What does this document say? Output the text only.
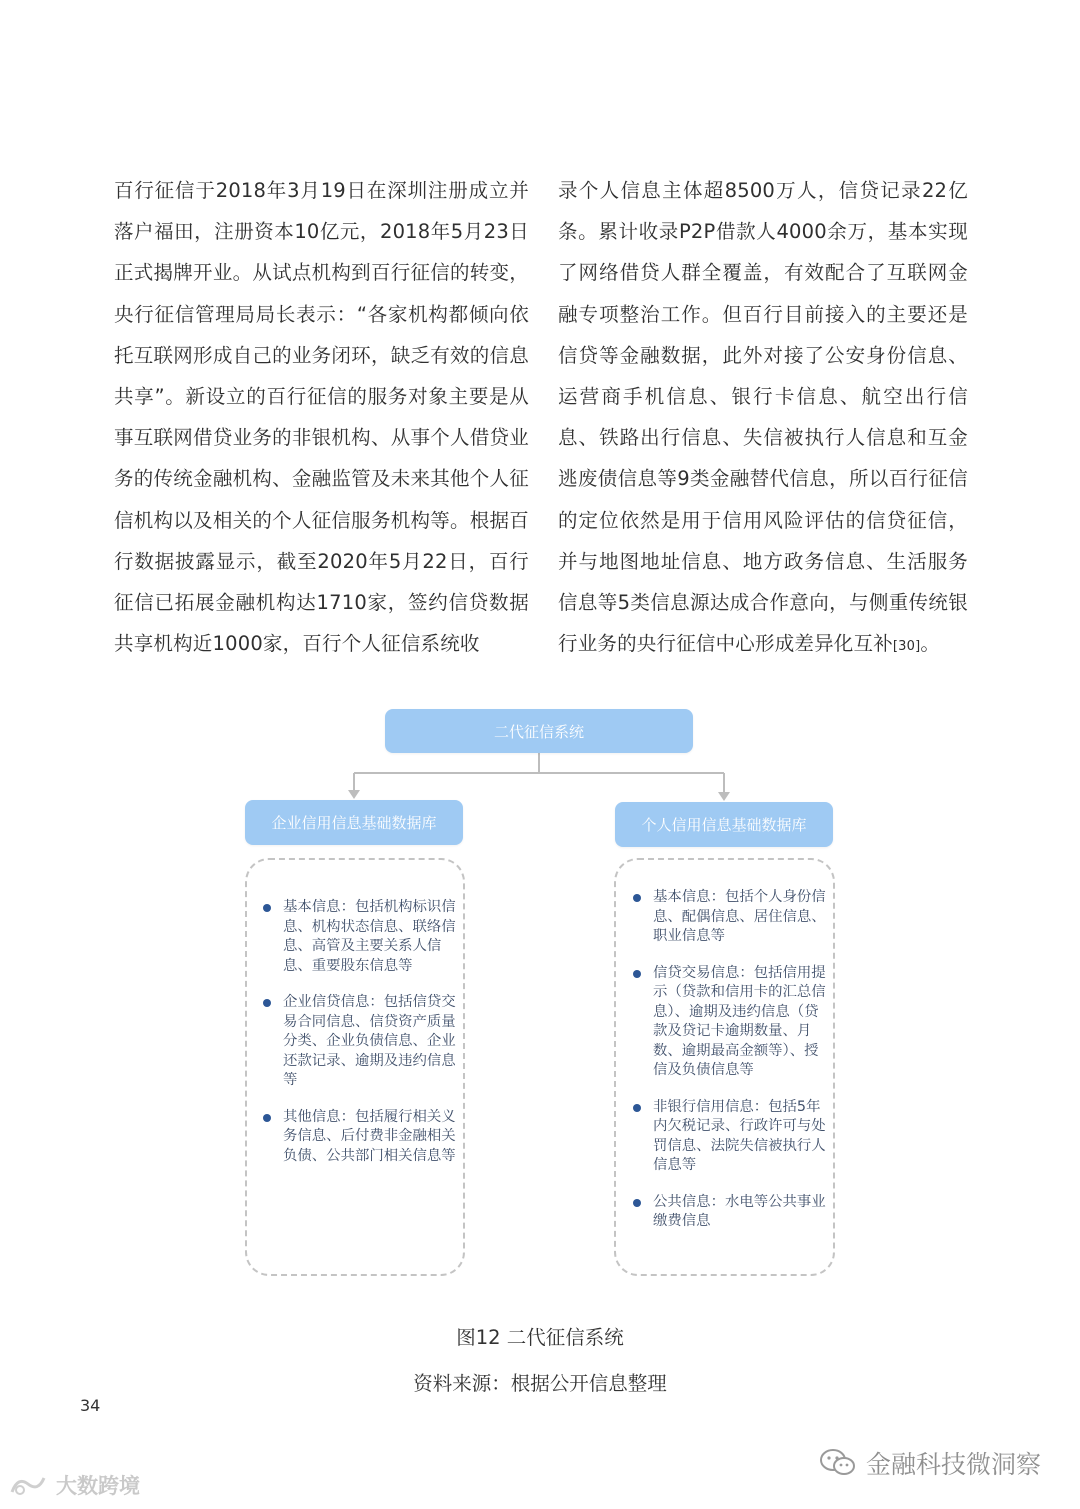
百行征信于2018年3月19日在深圳注册成立并落户福田，注册资本10亿元，2018年5月23日正式揭牌开业。从试点机构到百行征信的转变，央行征信管理局局长表示：“各家机构都倾向依托互联网形成自己的业务闭环，缺乏有效的信息共享”。新设立的百行征信的服务对象主要是从事互联网借贷业务的非银机构、从事个人借贷业务的传统金融机构、金融监管及未来其他个人征信机构以及相关的个人征信服务机构等。根据百行数据披露显示，截至2020年5月22日，百行征信已拓展金融机构达1710家，签约信贷数据共享机构近1000家，百行个人征信系统收

录个人信息主体超8500万人，信贷记录22亿条。累计收录P2P借款人4000余万，基本实现了网络借贷人群全覆盖，有效配合了互联网金融专项整治工作。但百行目前接入的主要还是信贷等金融数据，此外对接了公安身份信息、运营商手机信息、银行卡信息、航空出行信息、铁路出行信息、失信被执行人信息和互金逃废债信息等9类金融替代信息，所以百行征信的定位依然是用于信用风险评估的信贷征信，并与地图地址信息、地方政务信息、生活服务信息等5类信息源达成合作意向，与侧重传统银行业务的央行征信中心形成差异化互补[30]。

二代征信系统
企业信用信息基础数据库	个人信用信息基础数据库
基本信息：包括机构标识信息、机构状态信息、联络信息、高管及主要关系人信息、重要股东信息等
企业信贷信息：包括信贷交易合同信息、信贷资产质量分类、企业负债信息、企业还款记录、逾期及违约信息等
其他信息：包括履行相关义务信息、后付费非金融相关负债、公共部门相关信息等
基本信息：包括个人身份信息、配偶信息、居住信息、职业信息等
信贷交易信息：包括信用提示（贷款和信用卡的汇总信息）、逾期及违约信息（贷款及贷记卡逾期数量、月数、逾期最高金额等）、授信及负债信息等
非银行信用信息：包括5年内欠税记录、行政许可与处罚信息、法院失信被执行人信息等
公共信息：水电等公共事业缴费信息
图12 二代征信系统
资料来源：根据公开信息整理
34
大数跨境
金融科技微洞察
